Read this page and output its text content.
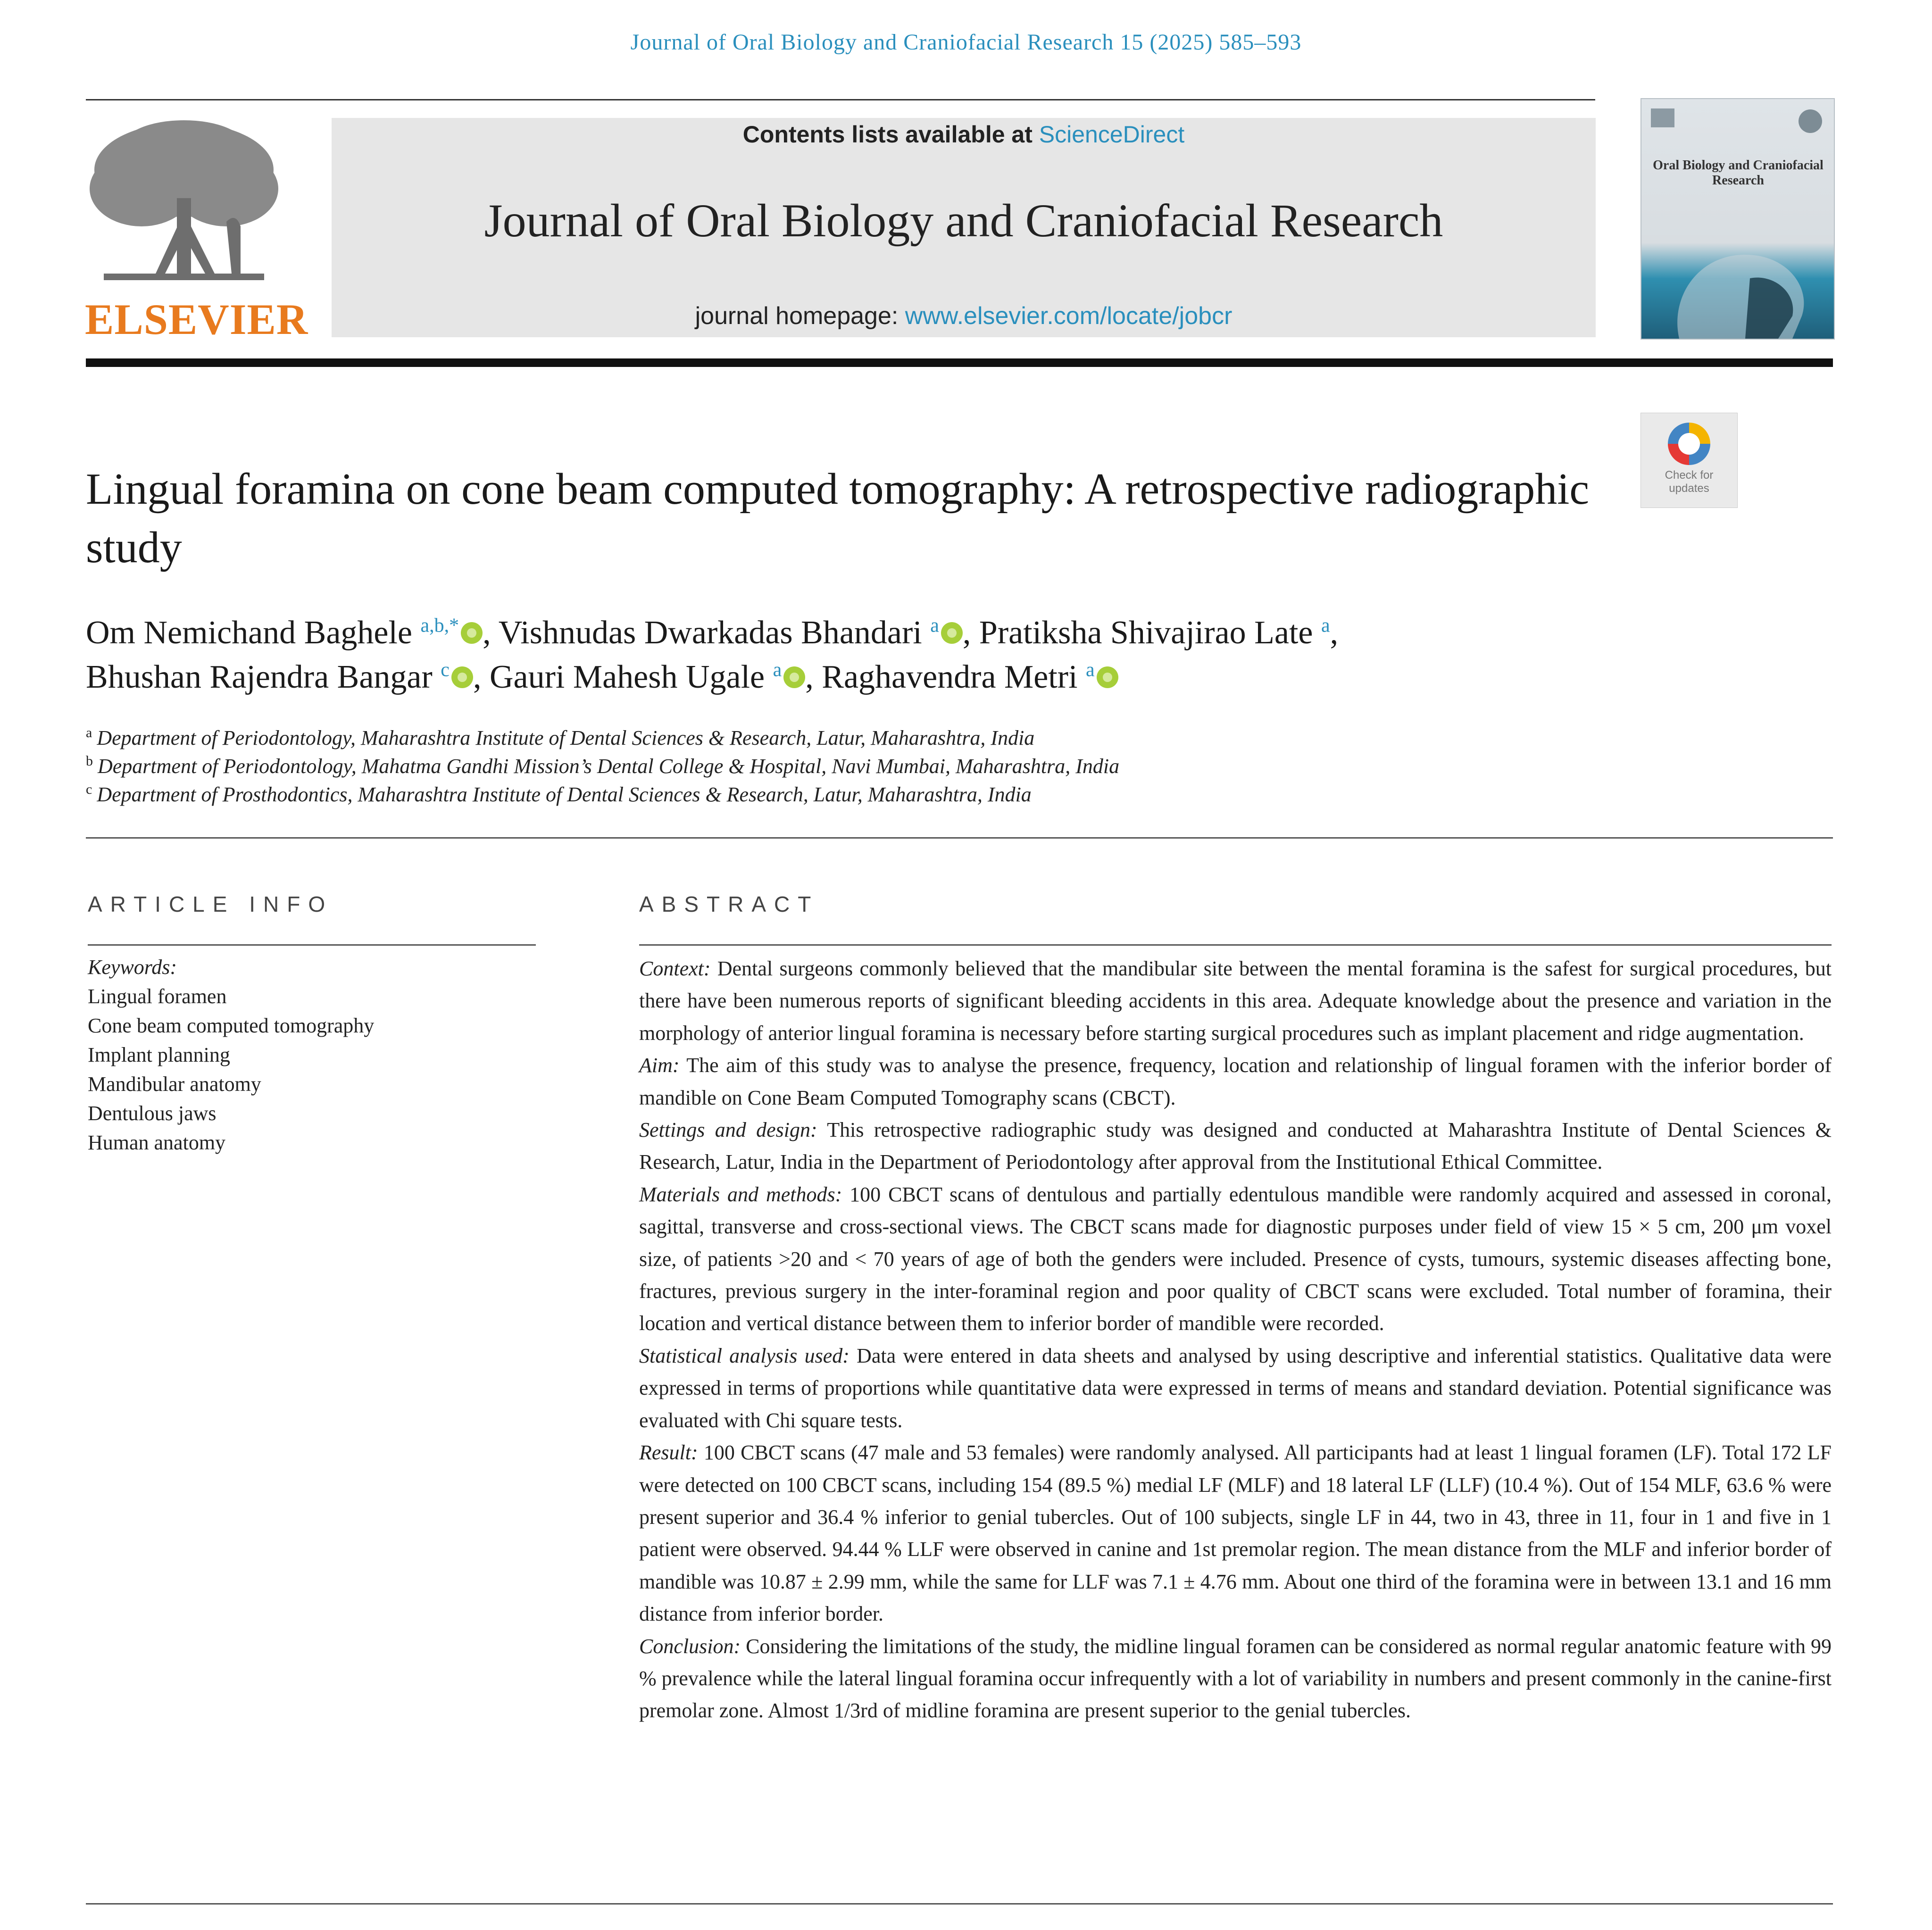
Journal of Oral Biology and Craniofacial Research 15 (2025) 585–593
ELSEVIER
Contents lists available at ScienceDirect
Journal of Oral Biology and Craniofacial Research
journal homepage: www.elsevier.com/locate/jobcr
Oral Biology and Craniofacial Research
Check for
updates
Lingual foramina on cone beam computed tomography: A retrospective radiographic study
Om Nemichand Baghele $^{a,b,*}$ , Vishnudas Dwarkadas Bhandari $^a$ , Pratiksha Shivajirao Late $^a$,
Bhushan Rajendra Bangar $^c$ , Gauri Mahesh Ugale $^a$ , Raghavendra Metri $^a$
$^a$ Department of Periodontology, Maharashtra Institute of Dental Sciences & Research, Latur, Maharashtra, India
$^b$ Department of Periodontology, Mahatma Gandhi Mission’s Dental College & Hospital, Navi Mumbai, Maharashtra, India
$^c$ Department of Prosthodontics, Maharashtra Institute of Dental Sciences & Research, Latur, Maharashtra, India
ARTICLE INFO
Keywords:
Lingual foramen
Cone beam computed tomography
Implant planning
Mandibular anatomy
Dentulous jaws
Human anatomy
ABSTRACT

Context: Dental surgeons commonly believed that the mandibular site between the mental foramina is the safest for surgical procedures, but there have been numerous reports of significant bleeding accidents in this area. Adequate knowledge about the presence and variation in the morphology of anterior lingual foramina is necessary before starting surgical procedures such as implant placement and ridge augmentation.

Aim: The aim of this study was to analyse the presence, frequency, location and relationship of lingual foramen with the inferior border of mandible on Cone Beam Computed Tomography scans (CBCT).

Settings and design: This retrospective radiographic study was designed and conducted at Maharashtra Institute of Dental Sciences & Research, Latur, India in the Department of Periodontology after approval from the Institutional Ethical Committee.

Materials and methods: 100 CBCT scans of dentulous and partially edentulous mandible were randomly acquired and assessed in coronal, sagittal, transverse and cross-sectional views. The CBCT scans made for diagnostic purposes under field of view 15 × 5 cm, 200 μm voxel size, of patients >20 and < 70 years of age of both the genders were included. Presence of cysts, tumours, systemic diseases affecting bone, fractures, previous surgery in the inter-foraminal region and poor quality of CBCT scans were excluded. Total number of foramina, their location and vertical distance between them to inferior border of mandible were recorded.

Statistical analysis used: Data were entered in data sheets and analysed by using descriptive and inferential statistics. Qualitative data were expressed in terms of proportions while quantitative data were expressed in terms of means and standard deviation. Potential significance was evaluated with Chi square tests.

Result: 100 CBCT scans (47 male and 53 females) were randomly analysed. All participants had at least 1 lingual foramen (LF). Total 172 LF were detected on 100 CBCT scans, including 154 (89.5 %) medial LF (MLF) and 18 lateral LF (LLF) (10.4 %). Out of 154 MLF, 63.6 % were present superior and 36.4 % inferior to genial tubercles. Out of 100 subjects, single LF in 44, two in 43, three in 11, four in 1 and five in 1 patient were observed. 94.44 % LLF were observed in canine and 1st premolar region. The mean distance from the MLF and inferior border of mandible was 10.87 ± 2.99 mm, while the same for LLF was 7.1 ± 4.76 mm. About one third of the foramina were in between 13.1 and 16 mm distance from inferior border.

Conclusion: Considering the limitations of the study, the midline lingual foramen can be considered as normal regular anatomic feature with 99 % prevalence while the lateral lingual foramina occur infrequently with a lot of variability in numbers and present commonly in the canine-first premolar zone. Almost 1/3rd of midline foramina are present superior to the genial tubercles.
